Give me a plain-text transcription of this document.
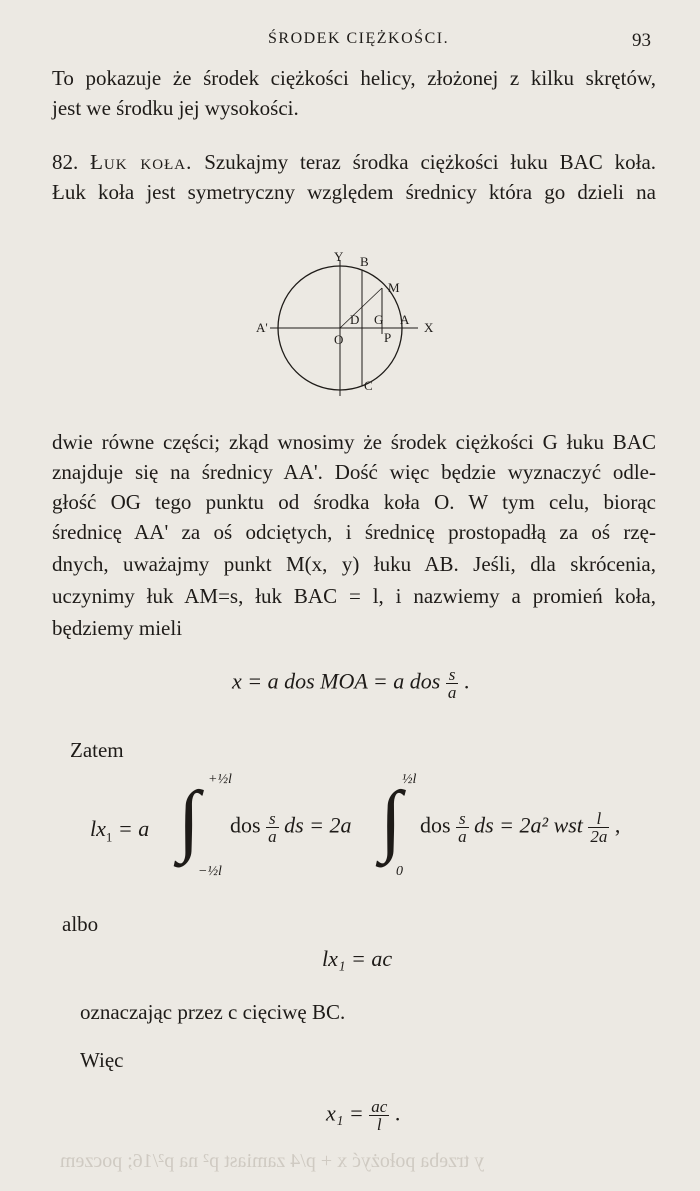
y trzeba położyć x + p/4 zamiast p² na p²/16; poczem
ŚRODEK CIĘŻKOŚCI.	93
To pokazuje że środek ciężkości helicy, złożonej z kilku skrętów,
jest we środku jej wysokości.
82. Łuk koła. Szukajmy teraz środka ciężkości łuku BAC koła.
Łuk koła jest symetryczny względem średnicy która go dzieli na
Y B
M
A'
D G A
X
O	P
C
dwie równe części; zkąd wnosimy że środek ciężkości G łuku BAC
znajduje się na średnicy AA'. Dość więc będzie wyznaczyć odle-
głość OG tego punktu od środka koła O. W tym celu, biorąc
średnicę AA' za oś odciętych, i średnicę prostopadłą za oś rzę-
dnych, uważajmy punkt M(x, y) łuku AB. Jeśli, dla skrócenia,
uczynimy łuk AM=s, łuk BAC = l, i nazwiemy a promień koła,
będziemy mieli
x = a dos MOA = a dos $\frac{s}{a}$ .
Zatem
$lx_1 = a$ ∫ +½l
−½l
dos $\frac{s}{a}$ ds = 2a ∫ ½l
0
dos $\frac{s}{a}$ ds = 2a² wst $\frac{l}{2a}$ ,
albo
lx₁ = ac
oznaczając przez c cięciwę BC.
Więc
$x_1 = \frac{ac}{l}$ .
